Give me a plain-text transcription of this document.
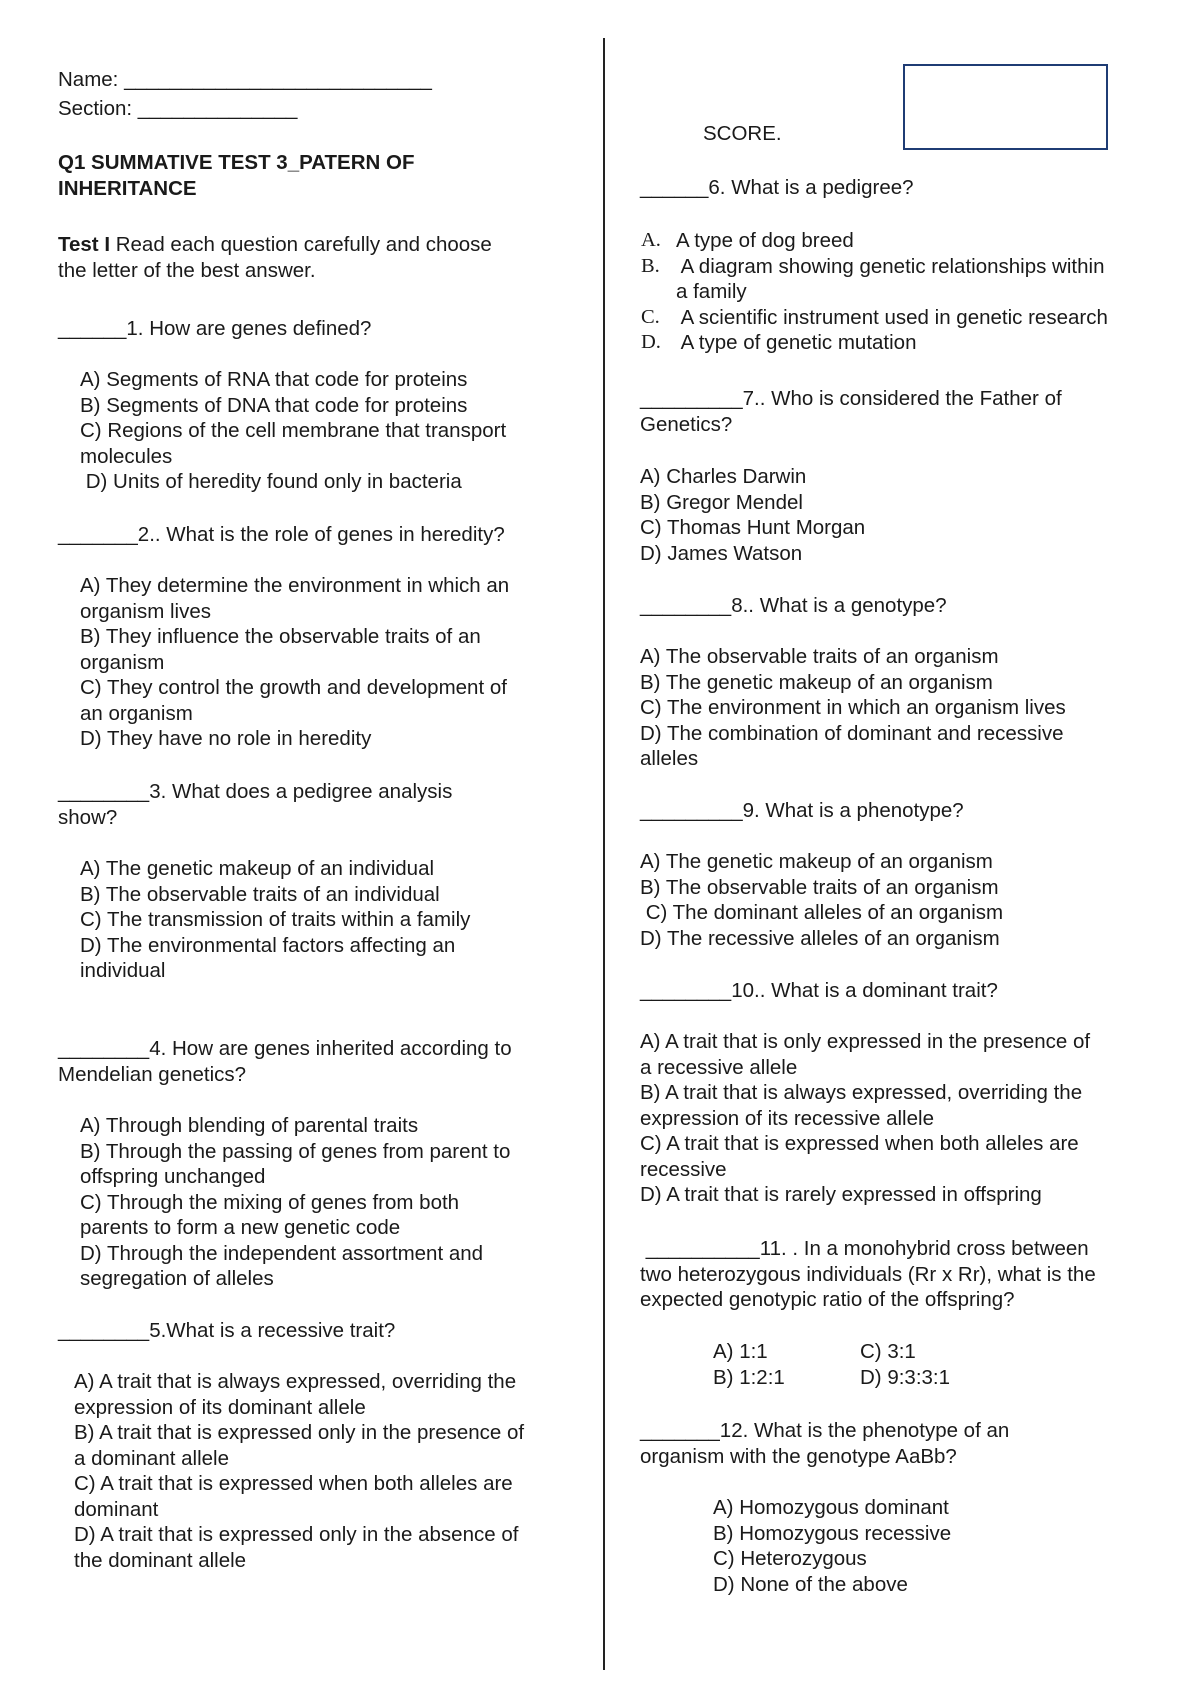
Name: ___________________________
Section: ______________
Q1 SUMMATIVE TEST 3_PATERN OF
INHERITANCE
Test I Read each question carefully and choose
the letter of the best answer.
______1. How are genes defined?
A) Segments of RNA that code for proteins
B) Segments of DNA that code for proteins
C) Regions of the cell membrane that transport
molecules
D) Units of heredity found only in bacteria
_______2.. What is the role of genes in heredity?
A) They determine the environment in which an
organism lives
B) They influence the observable traits of an
organism
C) They control the growth and development of
an organism
D) They have no role in heredity
________3. What does a pedigree analysis
show?
A) The genetic makeup of an individual
B) The observable traits of an individual
C) The transmission of traits within a family
D) The environmental factors affecting an
individual
________4. How are genes inherited according to
Mendelian genetics?
A) Through blending of parental traits
B) Through the passing of genes from parent to
offspring unchanged
C) Through the mixing of genes from both
parents to form a new genetic code
D) Through the independent assortment and
segregation of alleles
________5.What is a recessive trait?
A) A trait that is always expressed, overriding the
expression of its dominant allele
B) A trait that is expressed only in the presence of
a dominant allele
C) A trait that is expressed when both alleles are
dominant
D) A trait that is expressed only in the absence of
the dominant allele
SCORE.
______6. What is a pedigree?
A. A type of dog breed
B. A diagram showing genetic relationships within
a family
C. A scientific instrument used in genetic research
D. A type of genetic mutation
_________7.. Who is considered the Father of
Genetics?
A) Charles Darwin
B) Gregor Mendel
C) Thomas Hunt Morgan
D) James Watson
________8.. What is a genotype?
A) The observable traits of an organism
B) The genetic makeup of an organism
C) The environment in which an organism lives
D) The combination of dominant and recessive
alleles
_________9. What is a phenotype?
A) The genetic makeup of an organism
B) The observable traits of an organism
C) The dominant alleles of an organism
D) The recessive alleles of an organism
________10.. What is a dominant trait?
A) A trait that is only expressed in the presence of
a recessive allele
B) A trait that is always expressed, overriding the
expression of its recessive allele
C) A trait that is expressed when both alleles are
recessive
D) A trait that is rarely expressed in offspring
__________11. . In a monohybrid cross between
two heterozygous individuals (Rr x Rr), what is the
expected genotypic ratio of the offspring?
A) 1:1	C) 3:1
B) 1:2:1	D) 9:3:3:1
_______12. What is the phenotype of an
organism with the genotype AaBb?
A) Homozygous dominant
B) Homozygous recessive
C) Heterozygous
D) None of the above
